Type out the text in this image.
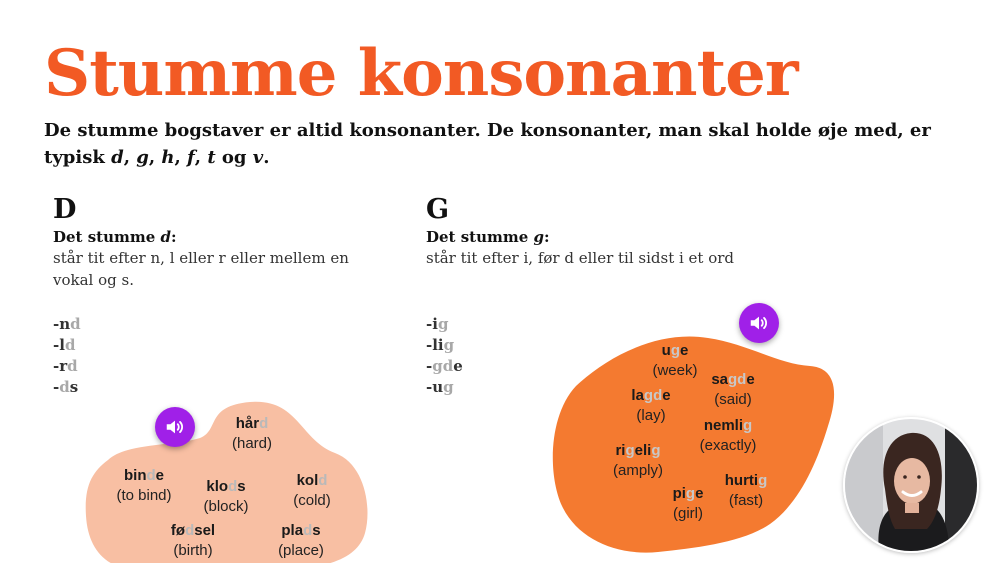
Stumme konsonanter

De stumme bogstaver er altid konsonanter. De konsonanter, man skal holde øje med, er typisk d, g, h, f, t og v.

D

Det stumme d:

står tit efter n, l eller r eller mellem en vokal og s.

-nd
-ld
-rd
-ds

G

Det stumme g:

står tit efter i, før d eller til sidst i et ord

-ig
-lig
-gde
-ug
hård
(hard)
binde
(to bind)
klods
(block)
kold
(cold)
fødsel
(birth)
plads
(place)
uge
(week)
sagde
(said)
lagde
(lay)
nemlig
(exactly)
rigelig
(amply)
hurtig
(fast)
pige
(girl)
